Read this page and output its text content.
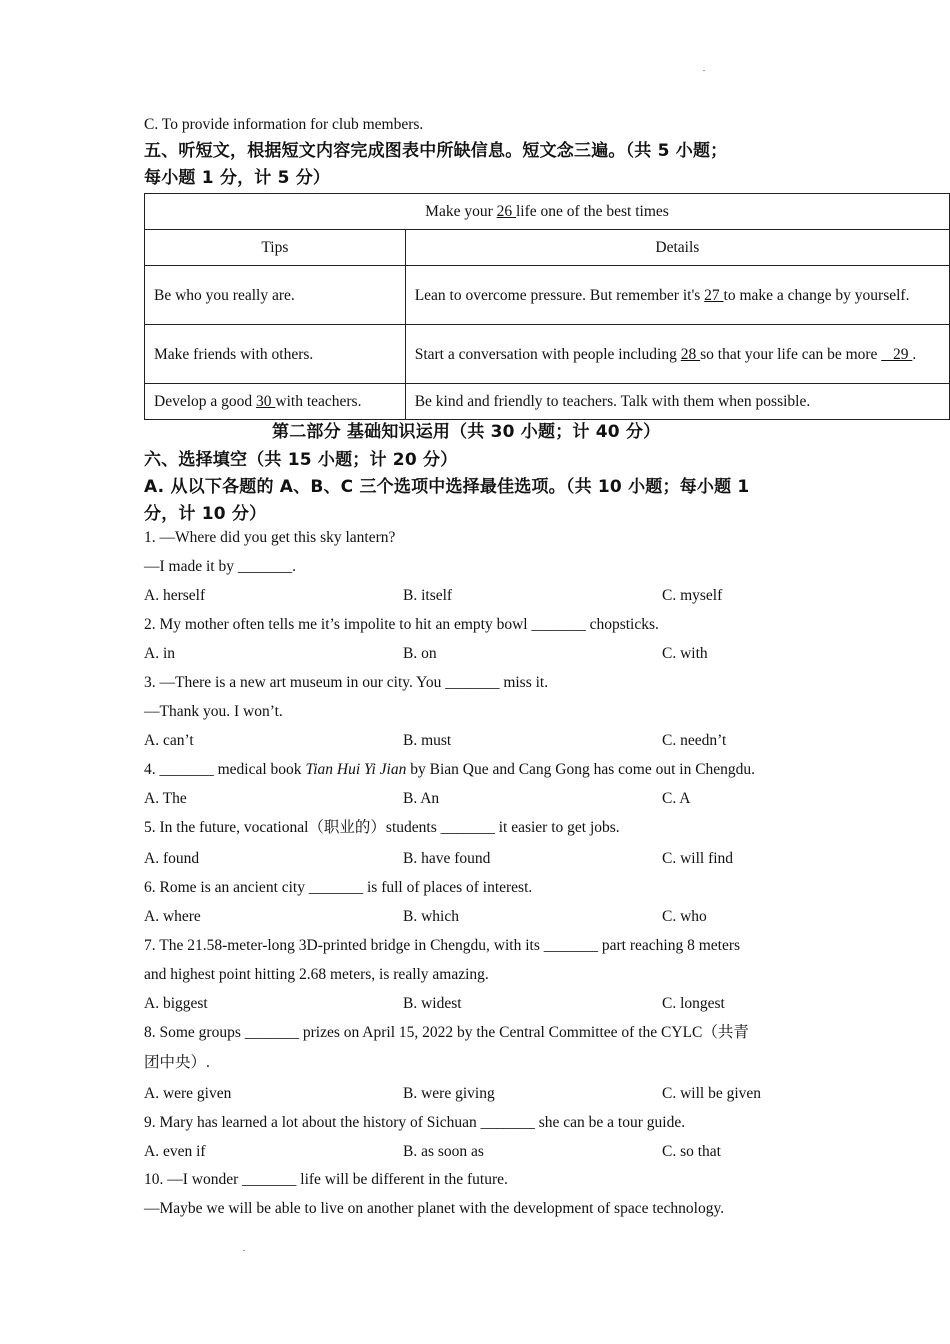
C. To provide information for club members.
五、听短文，根据短文内容完成图表中所缺信息。短文念三遍。（共 5 小题；
每小题 1 分，计 5 分）
Make your 26 life one of the best times	
Tips	Details
Be who you really are.	Lean to overcome pressure. But remember it's 27 to make a change by yourself.
Make friends with others.	Start a conversation with people including 28 so that your life can be more _ 29 .
Develop a good 30 with teachers.	Be kind and friendly to teachers. Talk with them when possible.
第二部分 基础知识运用（共 30 小题；计 40 分）
六、选择填空（共 15 小题；计 20 分）
A. 从以下各题的 A、B、C 三个选项中选择最佳选项。（共 10 小题；每小题 1
分，计 10 分）
1. —Where did you get this sky lantern?
—I made it by _______.
A. herself	B. itself	C. myself
2. My mother often tells me it’s impolite to hit an empty bowl _______ chopsticks.
A. in	B. on	C. with
3. —There is a new art museum in our city. You _______ miss it.
—Thank you. I won’t.
A. can’t	B. must	C. needn’t
4. _______ medical book Tian Hui Yi Jian by Bian Que and Cang Gong has come out in Chengdu.
A. The	B. An	C. A
5. In the future, vocational（职业的）students _______ it easier to get jobs.
A. found	B. have found	C. will find
6. Rome is an ancient city _______ is full of places of interest.
A. where	B. which	C. who
7. The 21.58-meter-long 3D-printed bridge in Chengdu, with its _______ part reaching 8 meters
and highest point hitting 2.68 meters, is really amazing.
A. biggest	B. widest	C. longest
8. Some groups _______ prizes on April 15, 2022 by the Central Committee of the CYLC（共青
团中央）.
A. were given	B. were giving	C. will be given
9. Mary has learned a lot about the history of Sichuan _______ she can be a tour guide.
A. even if	B. as soon as	C. so that
10. —I wonder _______ life will be different in the future.
—Maybe we will be able to live on another planet with the development of space technology.
